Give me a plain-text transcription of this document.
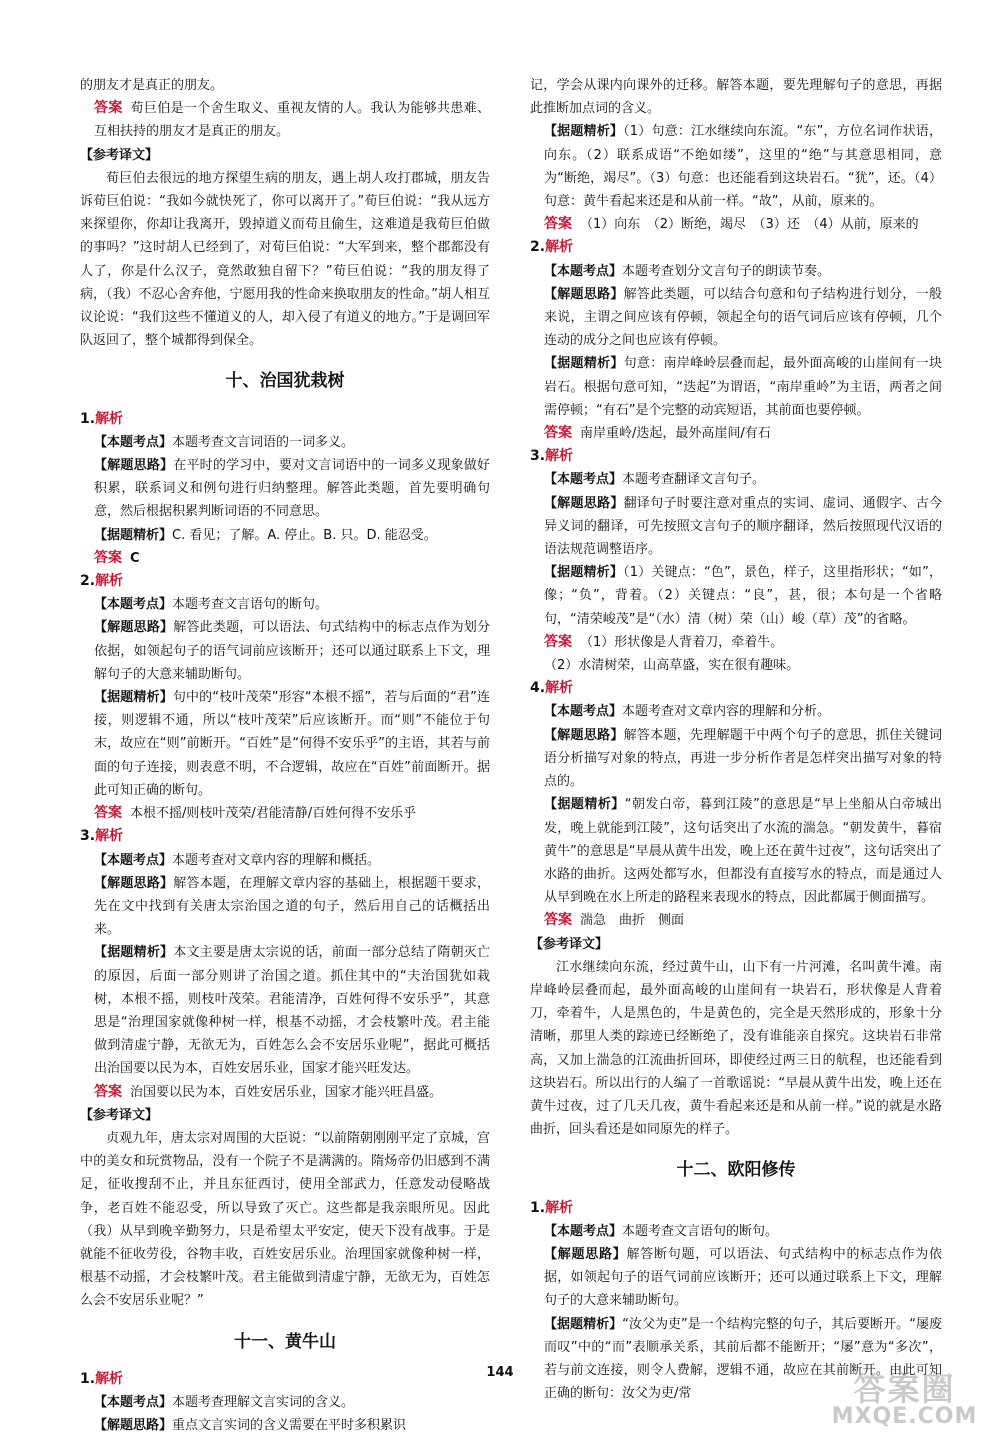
的朋友才是真正的朋友。
答案 荀巨伯是一个舍生取义、重视友情的人。我认为能够共患难、互相扶持的朋友才是真正的朋友。
【参考译文】
荀巨伯去很远的地方探望生病的朋友，遇上胡人攻打郡城，朋友告诉荀巨伯说：“我如今就快死了，你可以离开了。”荀巨伯说：“我从远方来探望你，你却让我离开，毁掉道义而苟且偷生，这难道是我荀巨伯做的事吗？”这时胡人已经到了，对荀巨伯说：“大军到来，整个郡都没有人了，你是什么汉子，竟然敢独自留下？”荀巨伯说：“我的朋友得了病，（我）不忍心舍弃他，宁愿用我的性命来换取朋友的性命。”胡人相互议论说：“我们这些不懂道义的人，却入侵了有道义的地方。”于是调回军队返回了，整个城都得到保全。
十、治国犹栽树
1.解析
【本题考点】本题考查文言词语的一词多义。
【解题思路】在平时的学习中，要对文言词语中的一词多义现象做好积累，联系词义和例句进行归纳整理。解答此类题，首先要明确句意，然后根据积累判断词语的不同意思。
【据题精析】C. 看见；了解。A. 停止。B. 只。D. 能忍受。
答案 C
2.解析
【本题考点】本题考查文言语句的断句。
【解题思路】解答此类题，可以语法、句式结构中的标志点作为划分依据，如领起句子的语气词前应该断开；还可以通过联系上下文，理解句子的大意来辅助断句。
【据题精析】句中的“枝叶茂荣”形容“本根不摇”，若与后面的“君”连接，则逻辑不通，所以“枝叶茂荣”后应该断开。而“则”不能位于句末，故应在“则”前断开。“百姓”是“何得不安乐乎”的主语，其若与前面的句子连接，则表意不明，不合逻辑，故应在“百姓”前面断开。据此可知正确的断句。
答案 本根不摇/则枝叶茂荣/君能清静/百姓何得不安乐乎
3.解析
【本题考点】本题考查对文章内容的理解和概括。
【解题思路】解答本题，在理解文章内容的基础上，根据题干要求，先在文中找到有关唐太宗治国之道的句子，然后用自己的话概括出来。
【据题精析】本文主要是唐太宗说的话，前面一部分总结了隋朝灭亡的原因，后面一部分则讲了治国之道。抓住其中的“夫治国犹如栽树，本根不摇，则枝叶茂荣。君能清净，百姓何得不安乐乎”，其意思是“治理国家就像种树一样，根基不动摇，才会枝繁叶茂。君主能做到清虚宁静，无欲无为，百姓怎么会不安居乐业呢”，据此可概括出治国要以民为本，百姓安居乐业，国家才能兴旺发达。
答案 治国要以民为本，百姓安居乐业，国家才能兴旺昌盛。
【参考译文】
贞观九年，唐太宗对周围的大臣说：“以前隋朝刚刚平定了京城，宫中的美女和玩赏物品，没有一个院子不是满满的。隋炀帝仍旧感到不满足，征收搜刮不止，并且东征西讨，使用全部武力，任意发动侵略战争，老百姓不能忍受，所以导致了灭亡。这些都是我亲眼所见。因此（我）从早到晚辛勤努力，只是希望太平安定，使天下没有战事。于是就能不征收劳役，谷物丰收，百姓安居乐业。治理国家就像种树一样，根基不动摇，才会枝繁叶茂。君主能做到清虚宁静，无欲无为，百姓怎么会不安居乐业呢？”
十一、黄牛山
1.解析
【本题考点】本题考查理解文言实词的含义。
【解题思路】重点文言实词的含义需要在平时多积累识
记，学会从课内向课外的迁移。解答本题，要先理解句子的意思，再据此推断加点词的含义。
【据题精析】（1）句意：江水继续向东流。“东”，方位名词作状语，向东。（2）联系成语“不绝如缕”，这里的“绝”与其意思相同，意为“断绝，竭尽”。（3）句意：也还能看到这块岩石。“犹”，还。（4）句意：黄牛看起来还是和从前一样。“故”，从前，原来的。
答案 （1）向东　（2）断绝，竭尽　（3）还　（4）从前，原来的
2.解析
【本题考点】本题考查划分文言句子的朗读节奏。
【解题思路】解答此类题，可以结合句意和句子结构进行划分，一般来说，主谓之间应该有停顿，领起全句的语气词后应该有停顿，几个连动的成分之间也应该有停顿。
【据题精析】句意：南岸峰岭层叠而起，最外面高峻的山崖间有一块岩石。根据句意可知，“迭起”为谓语，“南岸重岭”为主语，两者之间需停顿；“有石”是个完整的动宾短语，其前面也要停顿。
答案 南岸重岭/迭起，最外高崖间/有石
3.解析
【本题考点】本题考查翻译文言句子。
【解题思路】翻译句子时要注意对重点的实词、虚词、通假字、古今异义词的翻译，可先按照文言句子的顺序翻译，然后按照现代汉语的语法规范调整语序。
【据题精析】（1）关键点：“色”，景色，样子，这里指形状；“如”，像；“负”，背着。（2）关键点：“良”，甚，很；本句是一个省略句，“清荣峻茂”是“（水）清（树）荣（山）峻（草）茂”的省略。
答案 （1）形状像是人背着刀，牵着牛。
（2）水清树荣，山高草盛，实在很有趣味。
4.解析
【本题考点】本题考查对文章内容的理解和分析。
【解题思路】解答本题，先理解题干中两个句子的意思，抓住关键词语分析描写对象的特点，再进一步分析作者是怎样突出描写对象的特点的。
【据题精析】“朝发白帝，暮到江陵”的意思是“早上坐船从白帝城出发，晚上就能到江陵”，这句话突出了水流的湍急。“朝发黄牛，暮宿黄牛”的意思是“早晨从黄牛出发，晚上还在黄牛过夜”，这句话突出了水路的曲折。这两处都写水，但都没有直接写水的特点，而是通过人从早到晚在水上所走的路程来表现水的特点，因此都属于侧面描写。
答案 湍急　曲折　侧面
【参考译文】
江水继续向东流，经过黄牛山，山下有一片河滩，名叫黄牛滩。南岸峰岭层叠而起，最外面高峻的山崖间有一块岩石，形状像是人背着刀，牵着牛，人是黑色的，牛是黄色的，完全是天然形成的，形象十分清晰，那里人类的踪迹已经断绝了，没有谁能亲自探究。这块岩石非常高，又加上湍急的江流曲折回环，即使经过两三日的航程，也还能看到这块岩石。所以出行的人编了一首歌谣说：“早晨从黄牛出发，晚上还在黄牛过夜，过了几天几夜，黄牛看起来还是和从前一样。”说的就是水路曲折，回头看还是如同原先的样子。
十二、欧阳修传
1.解析
【本题考点】本题考查文言语句的断句。
【解题思路】解答断句题，可以语法、句式结构中的标志点作为依据，如领起句子的语气词前应该断开；还可以通过联系上下文，理解句子的大意来辅助断句。
【据题精析】“汝父为吏”是一个结构完整的句子，其后要断开。“屡废而叹”中的“而”表顺承关系，其前后都不能断开；“屡”意为“多次”，若与前文连接，则令人费解，逻辑不通，故应在其前断开。由此可知正确的断句：汝父为吏/常
144	答案圈
MXQE.COM
